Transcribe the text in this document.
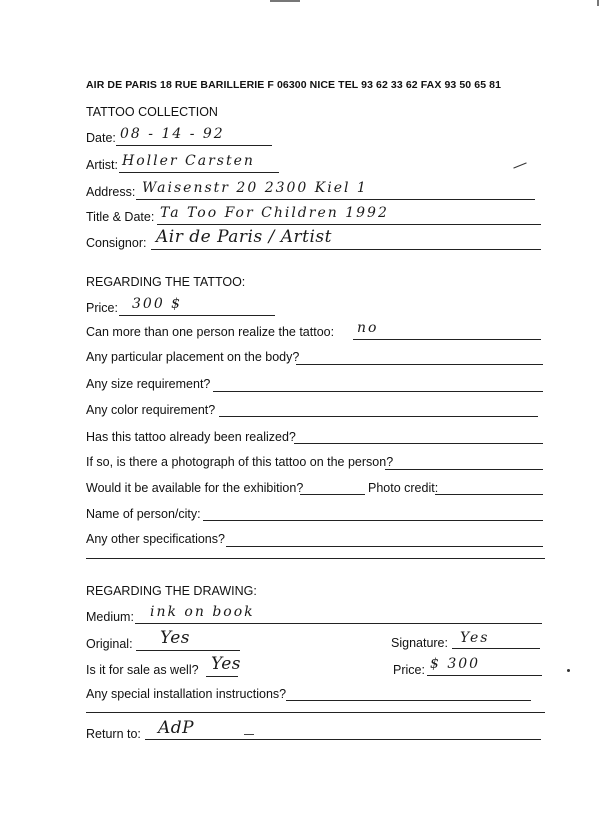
AIR DE PARIS 18 RUE BARILLERIE F 06300 NICE TEL 93 62 33 62 FAX 93 50 65 81
TATTOO COLLECTION
Date: 08 - 14 - 92
Artist: Holler Carsten
Address: Waisenstr 20 2300 Kiel 1
Title & Date: Ta Too For Children 1992
Consignor: Air de Paris / Artist
REGARDING THE TATTOO:
Price: 300 $
Can more than one person realize the tattoo: no
Any particular placement on the body?
Any size requirement?
Any color requirement?
Has this tattoo already been realized?
If so, is there a photograph of this tattoo on the person?
Would it be available for the exhibition?	Photo credit:
Name of person/city:
Any other specifications?
REGARDING THE DRAWING:
Medium: ink on book
Original: Yes	Signature: Yes
Is it for sale as well? Yes	Price: $ 300
Any special installation instructions?
Return to: AdP
